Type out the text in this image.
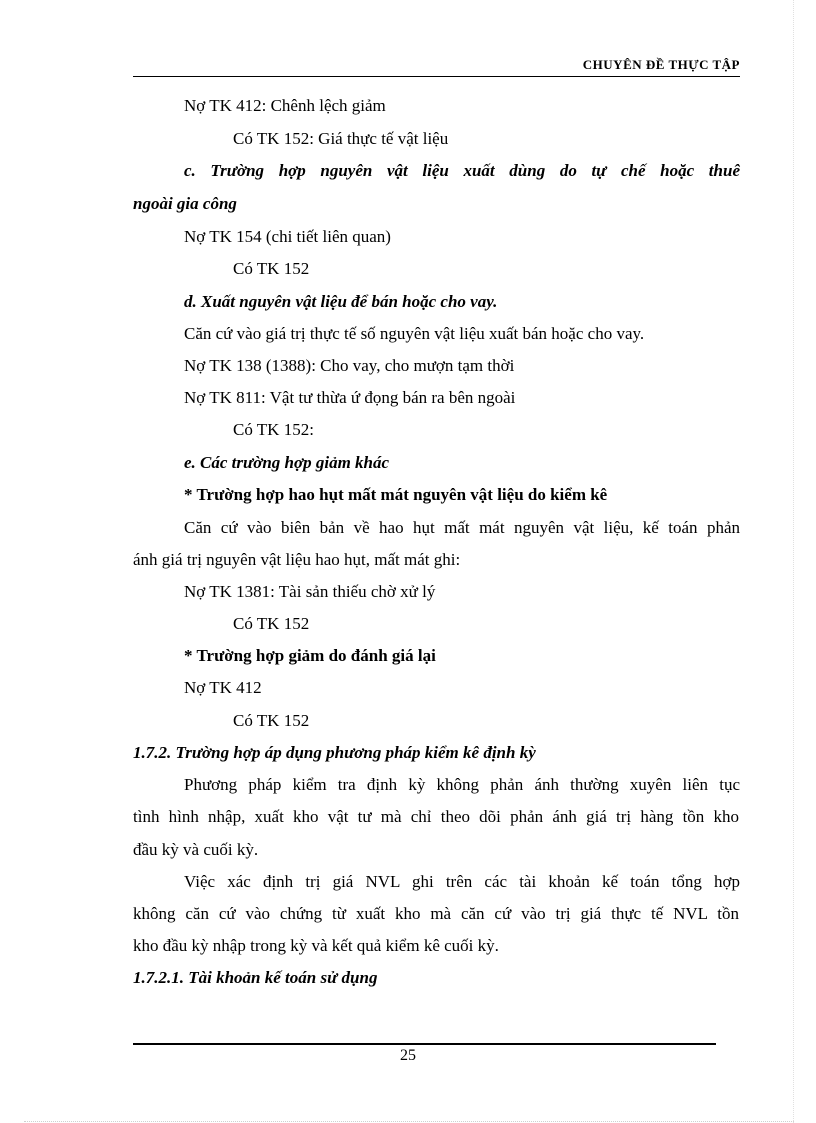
CHUYÊN ĐỀ THỰC TẬP
Nợ TK 412: Chênh lệch giảm
Có TK 152: Giá thực tế vật liệu
c. Trường hợp nguyên vật liệu xuất dùng do tự chế hoặc thuê
ngoài gia công
Nợ TK 154 (chi tiết liên quan)
Có TK 152
d. Xuất nguyên vật liệu để bán hoặc cho vay.
Căn cứ vào giá trị thực tế số nguyên vật liệu xuất bán hoặc cho vay.
Nợ TK 138 (1388): Cho vay, cho mượn tạm thời
Nợ TK 811: Vật tư thừa ứ đọng bán ra bên ngoài
Có TK 152:
e. Các trường hợp giảm khác
* Trường hợp hao hụt mất mát nguyên vật liệu do kiểm kê
Căn cứ vào biên bản về hao hụt mất mát nguyên vật liệu, kế toán phản
ánh giá trị nguyên vật liệu hao hụt, mất mát ghi:
Nợ TK 1381: Tài sản thiếu chờ xử lý
Có TK 152
* Trường hợp giảm do đánh giá lại
Nợ TK 412
Có TK 152
1.7.2. Trường hợp áp dụng phương pháp kiểm kê định kỳ
Phương pháp kiểm tra định kỳ không phản ánh thường xuyên liên tục
tình hình nhập, xuất kho vật tư mà chỉ theo dõi phản ánh giá trị hàng tồn kho
đầu kỳ và cuối kỳ.
Việc xác định trị giá NVL ghi trên các tài khoản kế toán tổng hợp
không căn cứ vào chứng từ xuất kho mà căn cứ vào trị giá thực tế NVL tồn
kho đầu kỳ nhập trong kỳ và kết quả kiểm kê cuối kỳ.
1.7.2.1. Tài khoản kế toán sử dụng
25
